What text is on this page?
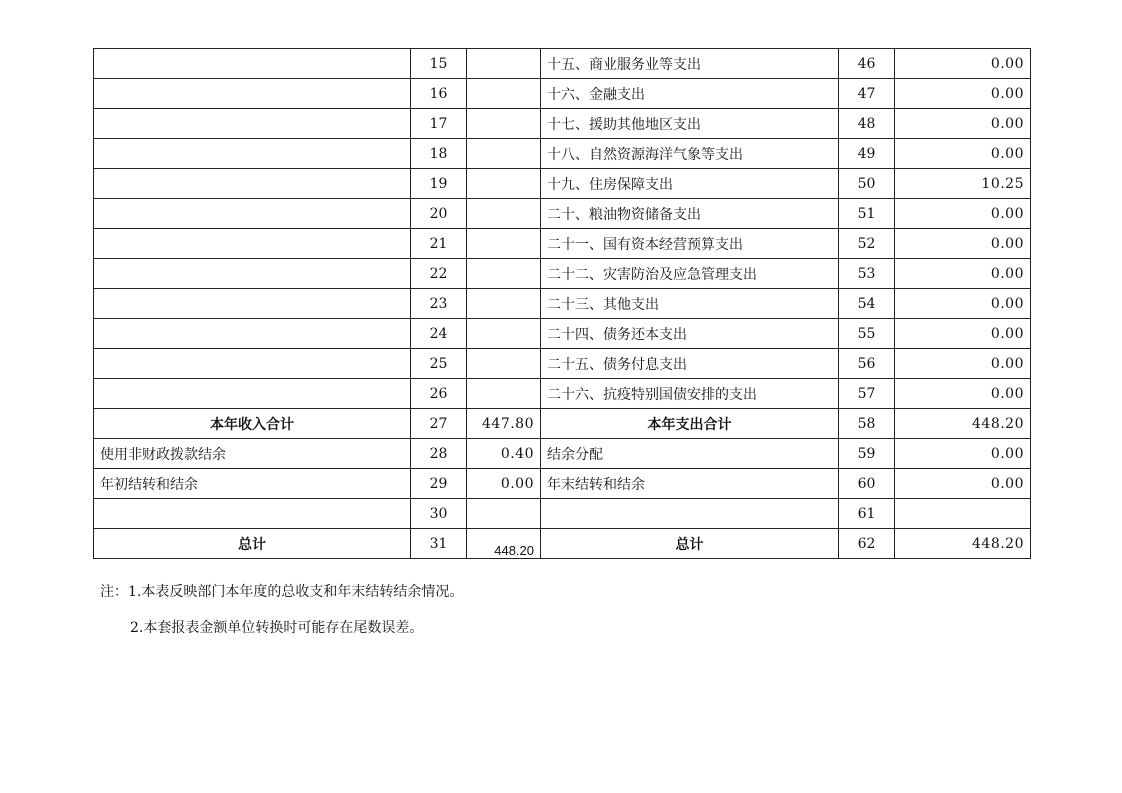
	15		十五、商业服务业等支出	46	0.00
	16		十六、金融支出	47	0.00
	17		十七、援助其他地区支出	48	0.00
	18		十八、自然资源海洋气象等支出	49	0.00
	19		十九、住房保障支出	50	10.25
	20		二十、粮油物资储备支出	51	0.00
	21		二十一、国有资本经营预算支出	52	0.00
	22		二十二、灾害防治及应急管理支出	53	0.00
	23		二十三、其他支出	54	0.00
	24		二十四、债务还本支出	55	0.00
	25		二十五、债务付息支出	56	0.00
	26		二十六、抗疫特别国债安排的支出	57	0.00
本年收入合计	27	447.80	本年支出合计	58	448.20
使用非财政拨款结余	28	0.40	结余分配	59	0.00
年初结转和结余	29	0.00	年末结转和结余	60	0.00
	30			61	
总计	31	448.20	总计	62	448.20
注：1.本表反映部门本年度的总收支和年末结转结余情况。
2.本套报表金额单位转换时可能存在尾数误差。
